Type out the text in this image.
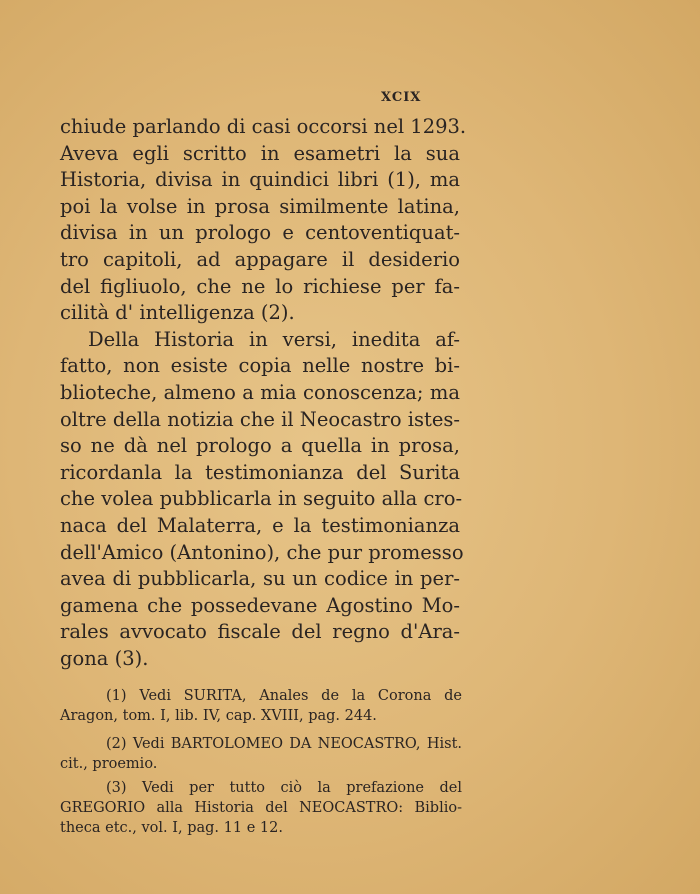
XCIX
chiude parlando di casi occorsi nel 1293.
Aveva egli scritto in esametri la sua
Historia, divisa in quindici libri (1), ma
poi la volse in prosa similmente latina,
divisa in un prologo e centoventiquat-
tro capitoli, ad appagare il desiderio
del figliuolo, che ne lo richiese per fa-
cilità d' intelligenza (2).
Della Historia in versi, inedita af-
fatto, non esiste copia nelle nostre bi-
blioteche, almeno a mia conoscenza; ma
oltre della notizia che il Neocastro istes-
so ne dà nel prologo a quella in prosa,
ricordanla la testimonianza del Surita
che volea pubblicarla in seguito alla cro-
naca del Malaterra, e la testimonianza
dell'Amico (Antonino), che pur promesso
avea di pubblicarla, su un codice in per-
gamena che possedevane Agostino Mo-
rales avvocato fiscale del regno d'Ara-
gona (3).
(1) Vedi SURITA, Anales de la Corona de
Aragon, tom. I, lib. IV, cap. XVIII, pag. 244.
(2) Vedi BARTOLOMEO DA NEOCASTRO, Hist.
cit., proemio.
(3) Vedi per tutto ciò la prefazione del
GREGORIO alla Historia del NEOCASTRO: Biblio-
theca etc., vol. I, pag. 11 e 12.
